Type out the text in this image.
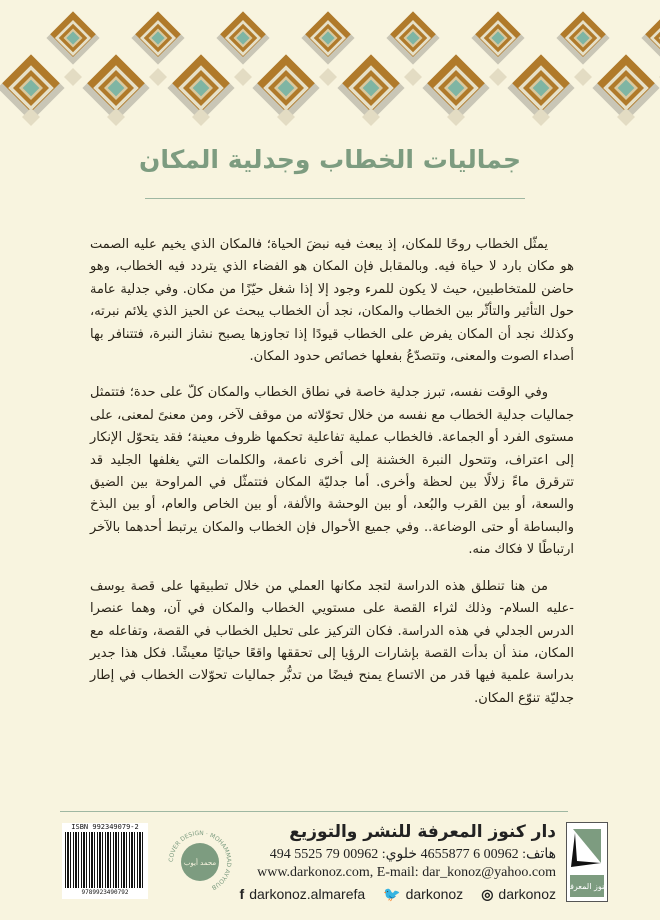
جماليات الخطاب وجدلية المكان

يمثّل الخطاب روحًا للمكان، إذ يبعث فيه نبضَ الحياة؛ فالمكان الذي يخيم عليه الصمت هو مكان بارد لا حياة فيه. وبالمقابل فإن المكان هو الفضاء الذي يتردد فيه الخطاب، وهو حاضن للمتخاطبين، حيث لا يكون للمرء وجود إلا إذا شغل حيّزًا من مكان. وفي جدلية عامة حول التأثير والتأثّر بين الخطاب والمكان، نجد أن الخطاب يبحث عن الحيز الذي يلائم نبرته، وكذلك نجد أن المكان يفرض على الخطاب قيودًا إذا تجاوزها يصبح نشاز النبرة، فتتنافر بها أصداء الصوت والمعنى، وتتصدّعُ بفعلها خصائص حدود المكان.

وفي الوقت نفسه، تبرز جدلية خاصة في نطاق الخطاب والمكان كلّ على حدة؛ فتتمثل جماليات جدلية الخطاب مع نفسه من خلال تحوّلاته من موقف لآخر، ومن معنىً لمعنى، على مستوى الفرد أو الجماعة. فالخطاب عملية تفاعلية تحكمها ظروف معينة؛ فقد يتحوّل الإنكار إلى اعتراف، وتتحول النبرة الخشنة إلى أخرى ناعمة، والكلمات التي يغلفها الجليد قد تترقرق ماءً زلالًا بين لحظة وأخرى. أما جدليّة المكان فتتمثّل في المراوحة بين الضيق والسعة، أو بين القرب والبُعد، أو بين الوحشة والألفة، أو بين الخاص والعام، أو بين البذخ والبساطة أو حتى الوضاعة.. وفي جميع الأحوال فإن الخطاب والمكان يرتبط أحدهما بالآخر ارتباطًا لا فكاك منه.

من هنا تنطلق هذه الدراسة لتجد مكانها العملي من خلال تطبيقها على قصة يوسف -عليه السلام- وذلك لثراء القصة على مستويي الخطاب والمكان في آن، وهما عنصرا الدرس الجدلي في هذه الدراسة. فكان التركيز على تحليل الخطاب في القصة، وتفاعله مع المكان، منذ أن بدأت القصة بإشارات الرؤيا إلى تحققها واقعًا حياتيًا معيشًا. فكل هذا جدير بدراسة علمية فيها قدر من الاتساع يمنح فيضًا من تدبُّر جماليات تحوّلات الخطاب في إطار جدليّة تنوّع المكان.

كنوز المعرفة
دار كنوز المعرفة للنشر والتوزيع
هاتف: 00962 6 4655877 خلوي: 00962 79 5525 494
www.darkonoz.com, E-mail: dar_konoz@yahoo.com
f darkonoz.almarefa 🐦 darkonoz ◎ darkonoz
COVER DESIGN · MOHAMMAD AYYOUB
محمد أيوب
ISBN 992349079-2
9789923490792
